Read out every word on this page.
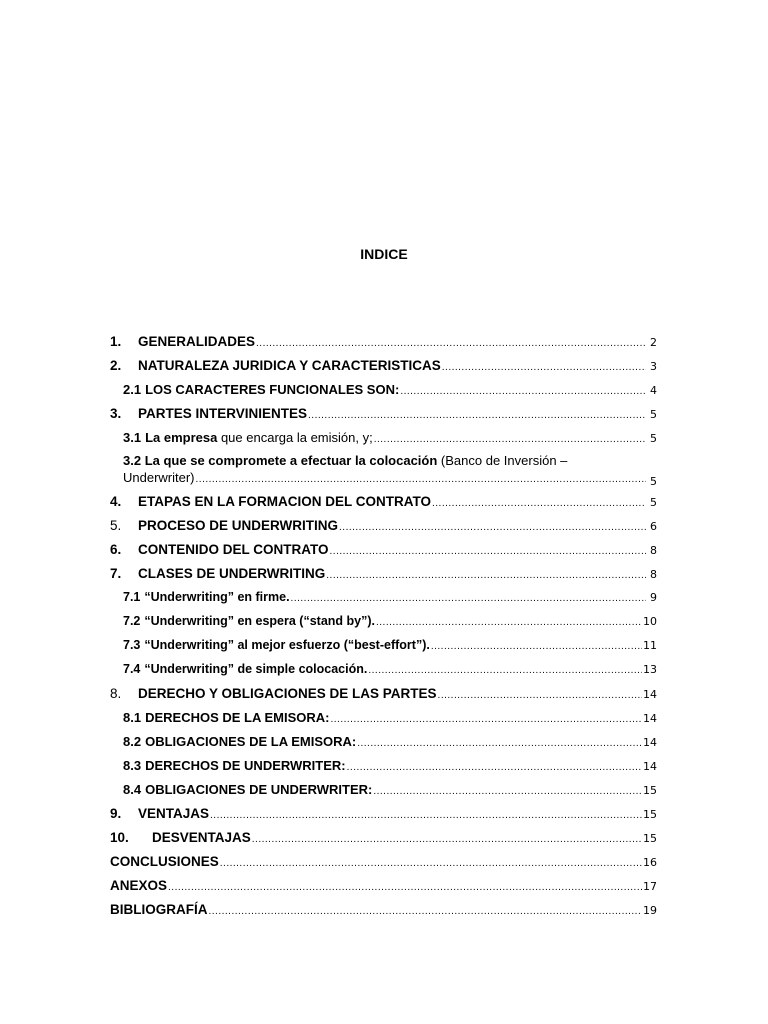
INDICE
1.	GENERALIDADES .....	2
2.	NATURALEZA JURIDICA Y CARACTERISTICAS .....	3
2.1 LOS CARACTERES FUNCIONALES SON: .....	4
3.	PARTES INTERVINIENTES .....	5
3.1 La empresa que encarga la emisión, y; .....	5
3.2 La que se compromete a efectuar la colocación (Banco de Inversión –
Underwriter) .....	5
4.	ETAPAS EN LA FORMACION DEL CONTRATO .....	5
5.	PROCESO DE UNDERWRITING .....	6
6.	CONTENIDO DEL CONTRATO .....	8
7.	CLASES DE UNDERWRITING .....	8
7.1 “Underwriting” en firme. .....	9
7.2 “Underwriting” en espera (“stand by”). .....	10
7.3 “Underwriting” al mejor esfuerzo (“best-effort”). .....	11
7.4 “Underwriting” de simple colocación. .....	13
8.	DERECHO Y OBLIGACIONES DE LAS PARTES .....	14
8.1 DERECHOS DE LA EMISORA: .....	14
8.2 OBLIGACIONES DE LA EMISORA: .....	14
8.3 DERECHOS DE UNDERWRITER: .....	14
8.4 OBLIGACIONES DE UNDERWRITER: .....	15
9.	VENTAJAS .....	15
10.	DESVENTAJAS .....	15
CONCLUSIONES .....	16
ANEXOS .....	17
BIBLIOGRAFÍA .....	19
